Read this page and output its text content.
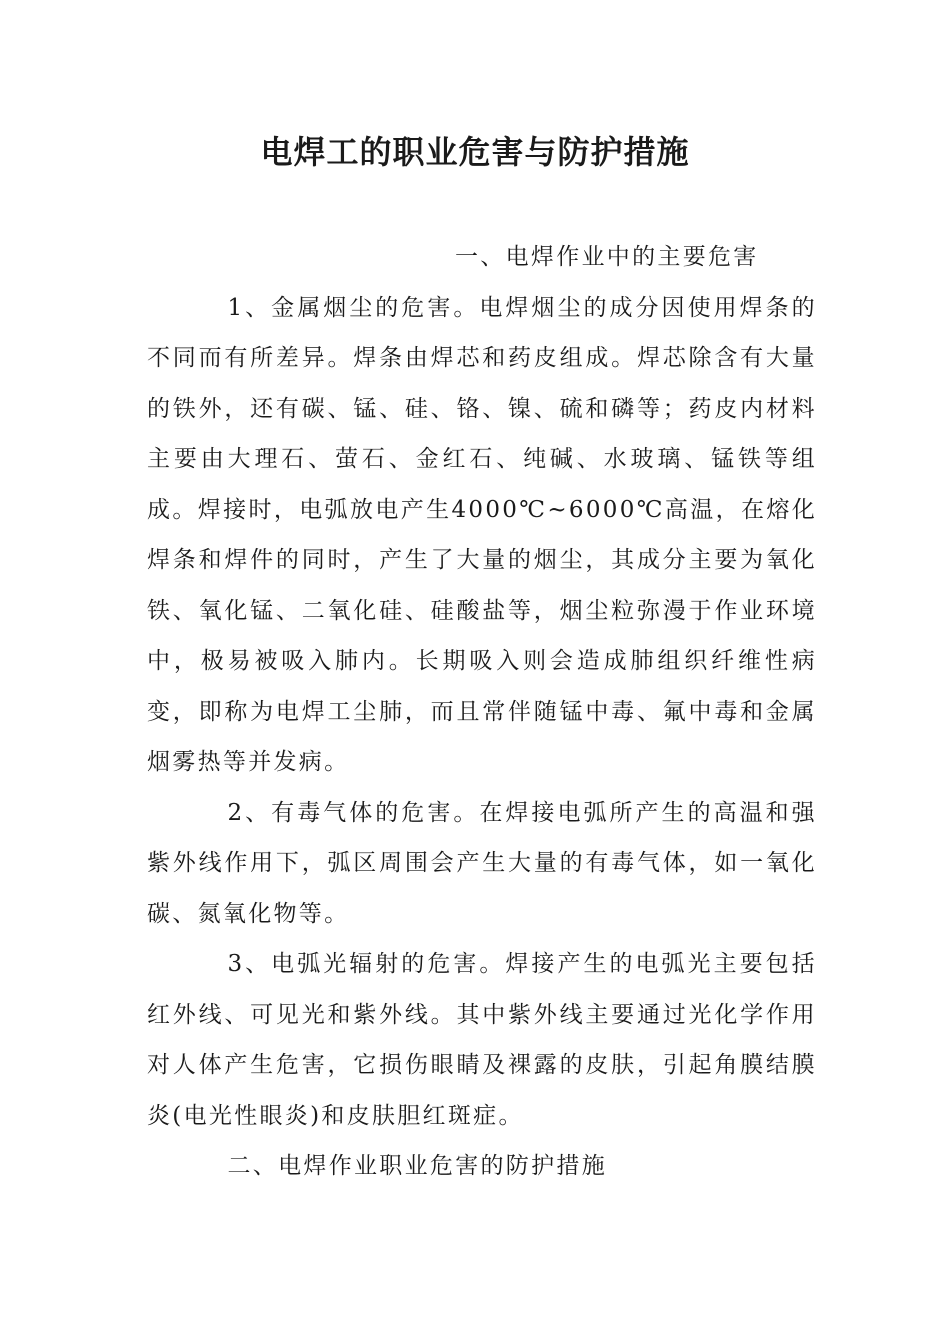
电焊工的职业危害与防护措施

一、电焊作业中的主要危害

1、金属烟尘的危害。电焊烟尘的成分因使用焊条的不同而有所差异。焊条由焊芯和药皮组成。焊芯除含有大量的铁外，还有碳、锰、硅、铬、镍、硫和磷等；药皮内材料主要由大理石、萤石、金红石、纯碱、水玻璃、锰铁等组成。焊接时，电弧放电产生4000℃~6000℃高温，在熔化焊条和焊件的同时，产生了大量的烟尘，其成分主要为氧化铁、氧化锰、二氧化硅、硅酸盐等，烟尘粒弥漫于作业环境中，极易被吸入肺内。长期吸入则会造成肺组织纤维性病变，即称为电焊工尘肺，而且常伴随锰中毒、氟中毒和金属烟雾热等并发病。

2、有毒气体的危害。在焊接电弧所产生的高温和强紫外线作用下，弧区周围会产生大量的有毒气体，如一氧化碳、氮氧化物等。

3、电弧光辐射的危害。焊接产生的电弧光主要包括红外线、可见光和紫外线。其中紫外线主要通过光化学作用对人体产生危害，它损伤眼睛及裸露的皮肤，引起角膜结膜炎(电光性眼炎)和皮肤胆红斑症。

二、电焊作业职业危害的防护措施
